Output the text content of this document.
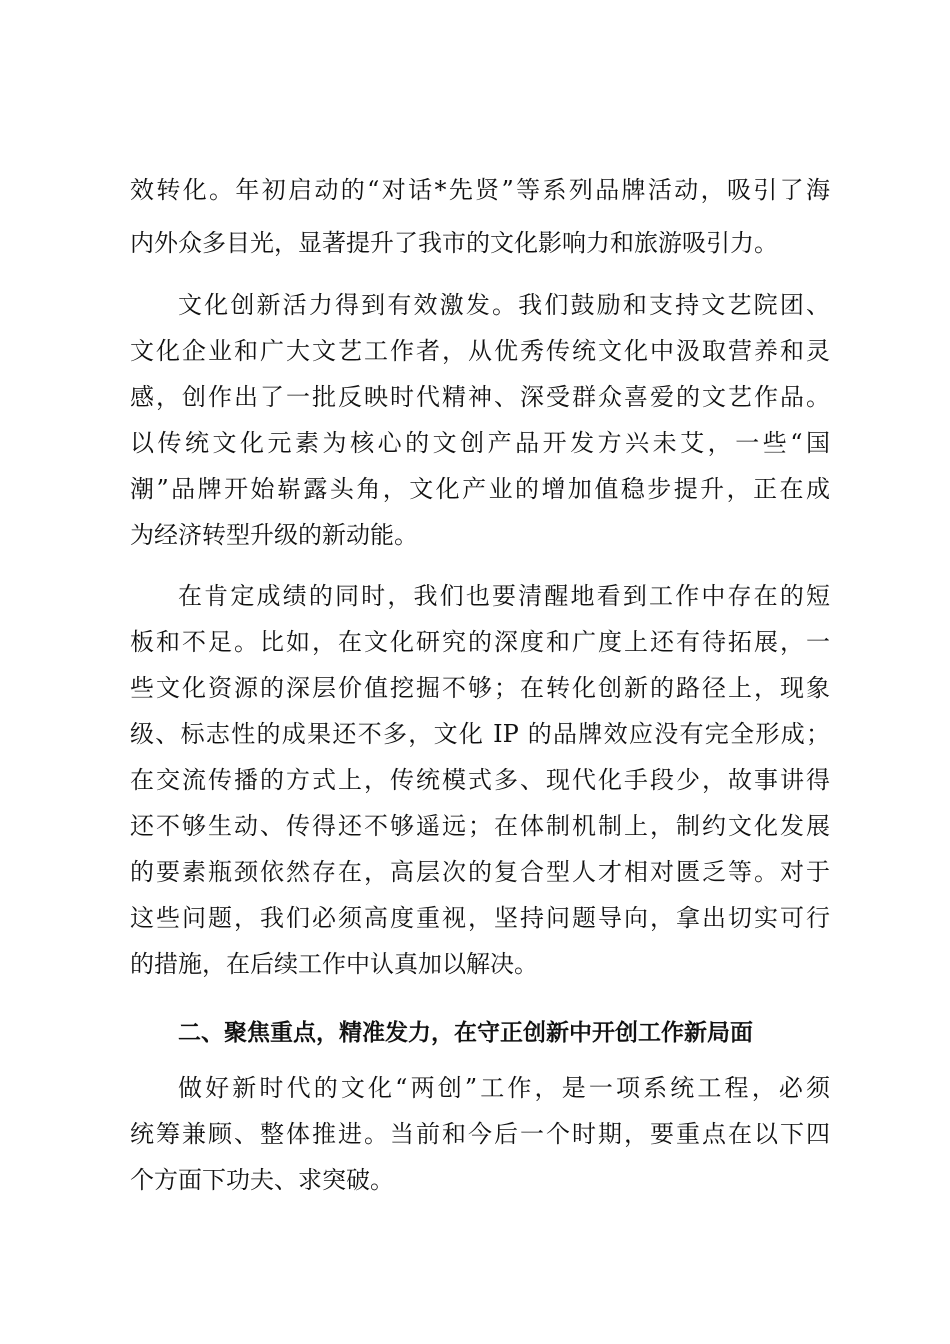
效转化。年初启动的“对话*先贤”等系列品牌活动，吸引了海
内外众多目光，显著提升了我市的文化影响力和旅游吸引力。
文化创新活力得到有效激发。我们鼓励和支持文艺院团、
文化企业和广大文艺工作者，从优秀传统文化中汲取营养和灵
感，创作出了一批反映时代精神、深受群众喜爱的文艺作品。
以传统文化元素为核心的文创产品开发方兴未艾，一些“国
潮”品牌开始崭露头角，文化产业的增加值稳步提升，正在成
为经济转型升级的新动能。
在肯定成绩的同时，我们也要清醒地看到工作中存在的短
板和不足。比如，在文化研究的深度和广度上还有待拓展，一
些文化资源的深层价值挖掘不够；在转化创新的路径上，现象
级、标志性的成果还不多，文化 IP 的品牌效应没有完全形成；
在交流传播的方式上，传统模式多、现代化手段少，故事讲得
还不够生动、传得还不够遥远；在体制机制上，制约文化发展
的要素瓶颈依然存在，高层次的复合型人才相对匮乏等。对于
这些问题，我们必须高度重视，坚持问题导向，拿出切实可行
的措施，在后续工作中认真加以解决。
二、聚焦重点，精准发力，在守正创新中开创工作新局面
做好新时代的文化“两创”工作，是一项系统工程，必须
统筹兼顾、整体推进。当前和今后一个时期，要重点在以下四
个方面下功夫、求突破。
